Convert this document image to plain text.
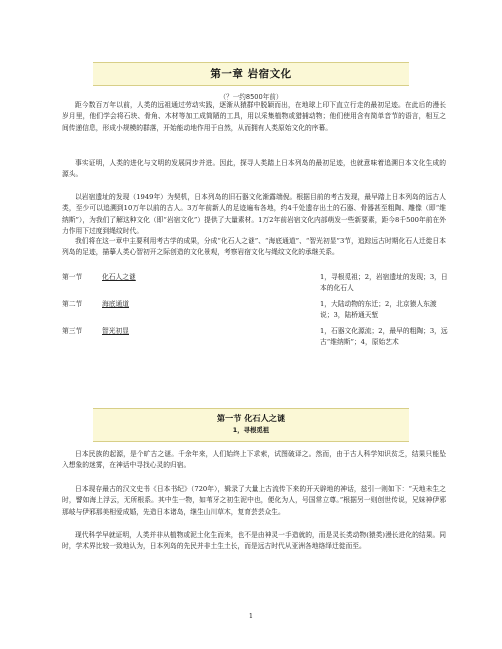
第一章 岩宿文化
（？一约8500年前）

距今数百万年以前，人类的远祖通过劳动实践，逐渐从猿群中脱颖而出，在地球上印下直立行走的最初足迹。在此后的漫长岁月里，他们学会将石块、骨角、木材等加工成简陋的工具，用以采集植物或猎捕动物；他们使用含有简单音节的语言，相互之间传递信息，形成小规模的群落，开始能动地作用于自然，从而拥有人类原始文化的序幕。

事实证明，人类的进化与文明的发展同步并进。因此，探寻人类踏上日本列岛的最初足迹，也就意味着追溯日本文化生成的源头。

以岩宿遗址的发现（1949年）为契机，日本列岛的旧石器文化渐露端倪。根据目前的考古发现，最早踏上日本列岛的远古人类，至少可以追溯到10万年以前的古人。3万年前新人的足迹遍布各地，约4千处遗存出土的石器、骨器甚至粗陶、雕像（即“维纳斯”），为我们了解这种文化（即“岩宿文化”）提供了大量素材。1万2年前岩宿文化内部萌发一些新要素，距今8千500年前在外力作用下过度到绳纹时代。

我们将在这一章中主要利用考古学的成果，分成“化石人之谜”、“海底通道”、“智光初显”3节，追踪远古时期化石人迁徙日本列岛的足迹，描摹人类心智初开之际创造的文化景观，考察岩宿文化与绳纹文化的承继关系。

第一节	化石人之谜	1，寻根觅祖；2，岩宿遗址的发现；3，日本的化石人
第二节	海底通道	1，大陆动物的东迁；2，北京猿人东渡说；3，陆桥通天堑
第三节	智光初显	1，石器文化源流；2，最早的粗陶；3，远古“维纳斯”；4，原始艺术
第一节 化石人之谜
1，寻根觅祖

日本民族的起源，是个旷古之谜。千余年来，人们始终上下求索，试图破译之。然而，由于古人科学知识贫乏，结果只能坠入想象的迷雾，在神话中寻找心灵的归宿。

日本现存最古的汉文史书《日本书纪》（720年），辑录了大量上古流传下来的开天辟地的神话，兹引一则如下：“天地未生之时，譬如海上浮云，无所根系。其中生一物，如苇牙之初生泥中也，便化为人，号国常立尊。”根据另一则创世传说，兄妹神伊邪那岐与伊邪那美相爱成婚，先造日本诸岛，继生山川草木，复育芸芸众生。

现代科学早就证明，人类并非从植物或泥土化生而来，也不是由神灵一手造就的，而是灵长类动物(猿类)漫长进化的结果。同时，学术界比较一致地认为，日本列岛的先民并非土生土长，而是远古时代从亚洲各地络绎迁徙而至。

1
